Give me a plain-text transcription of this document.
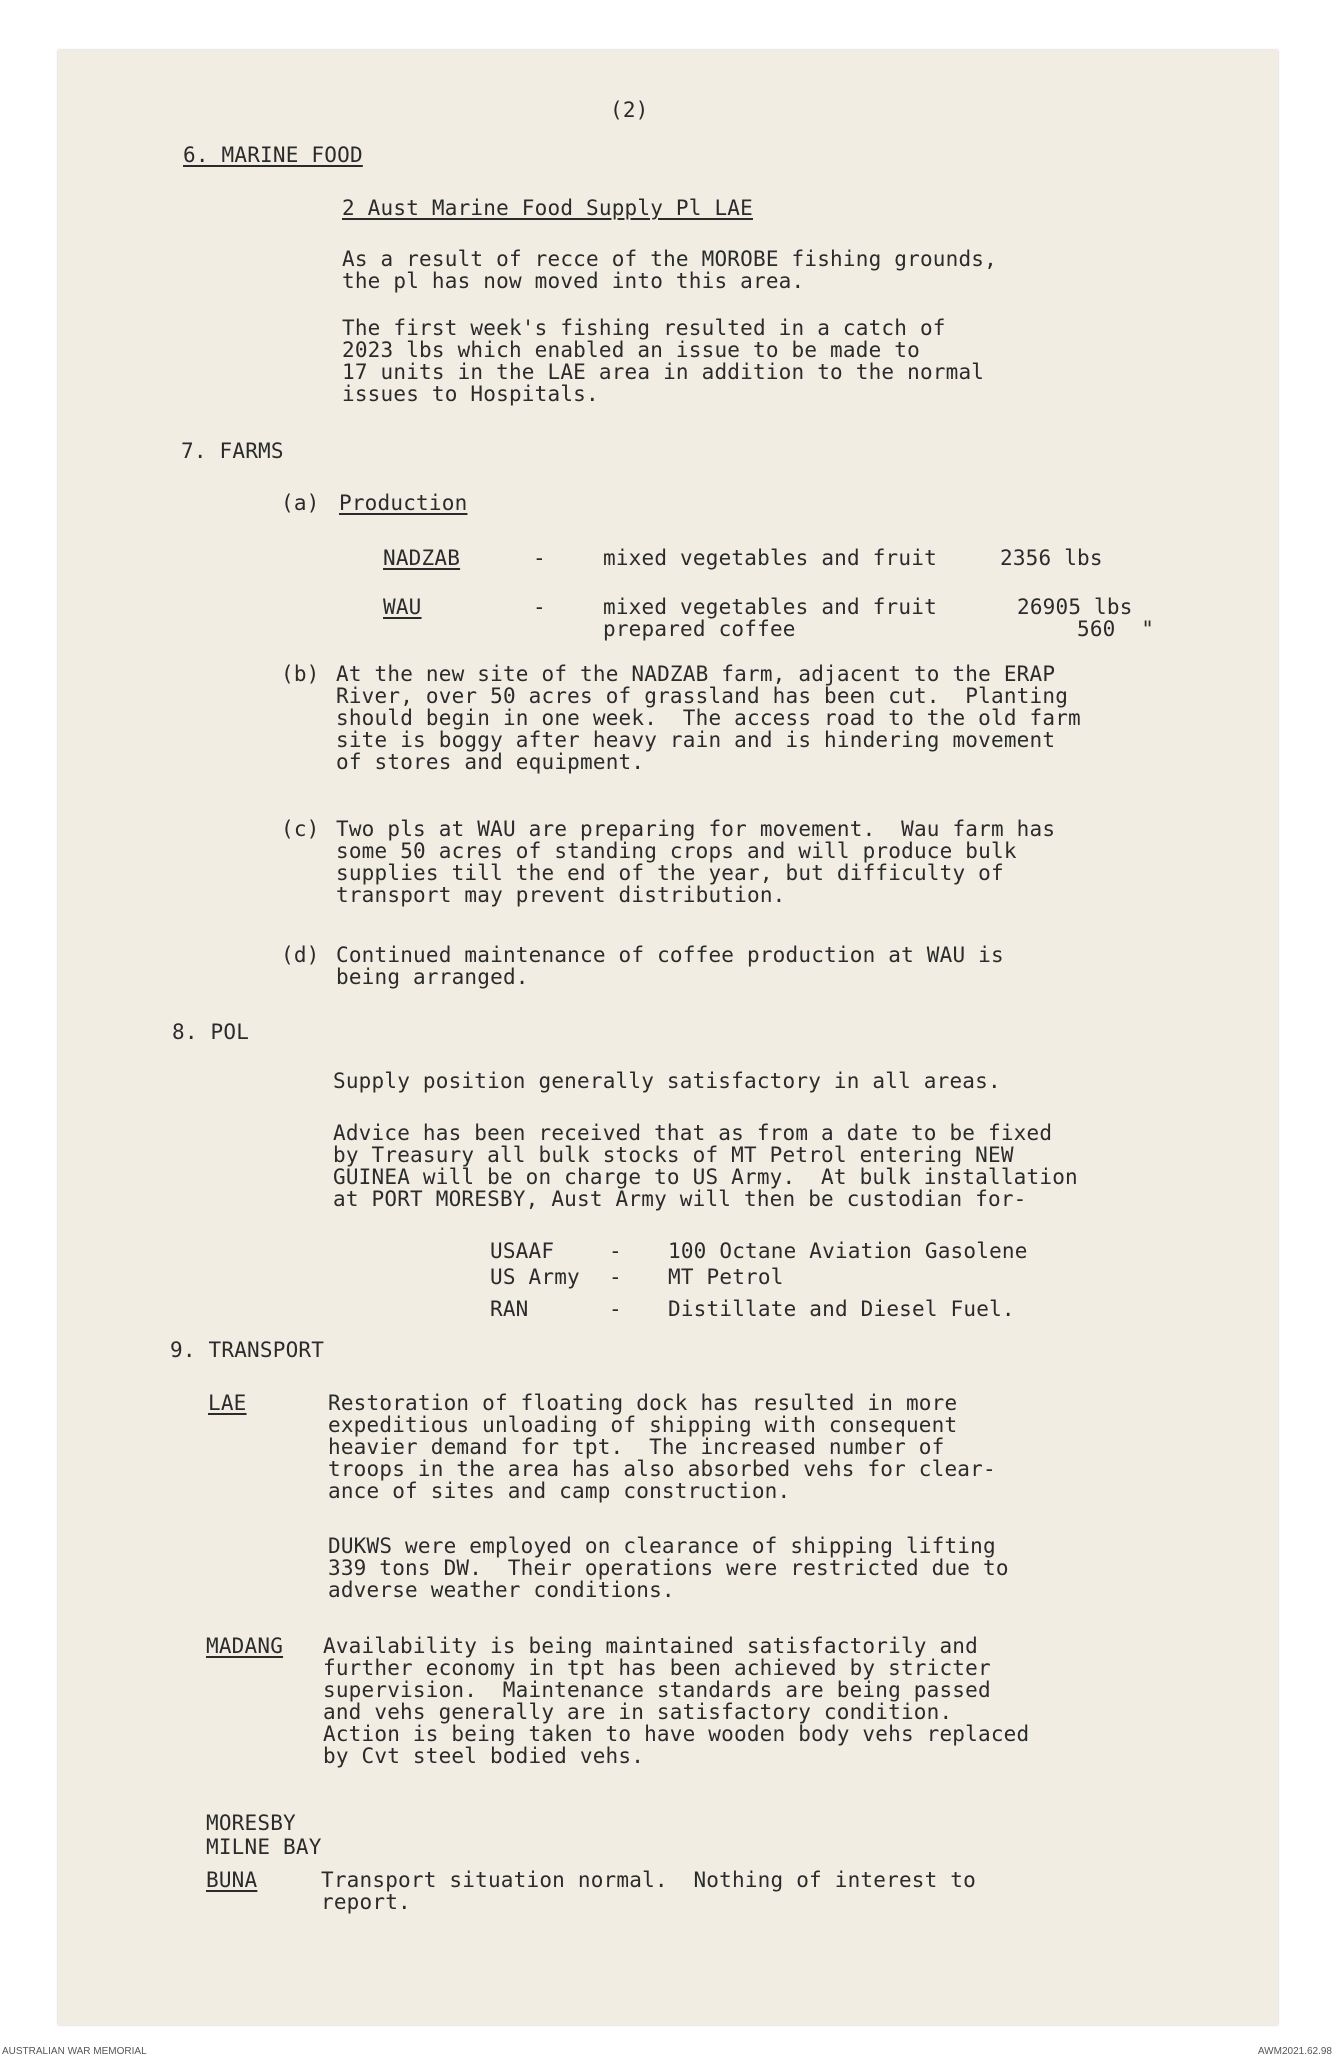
(2)
6. MARINE FOOD
2 Aust Marine Food Supply Pl LAE
As a result of recce of the MOROBE fishing grounds,
the pl has now moved into this area.
The first week's fishing resulted in a catch of
2023 lbs which enabled an issue to be made to
17 units in the LAE area in addition to the normal
issues to Hospitals.
7. FARMS
(a) Production
NADZAB	-	mixed vegetables and fruit	2356 lbs
WAU	-	mixed vegetables and fruit	26905 lbs
prepared coffee	560  "
(b) At the new site of the NADZAB farm, adjacent to the ERAP
River, over 50 acres of grassland has been cut.  Planting
should begin in one week.  The access road to the old farm
site is boggy after heavy rain and is hindering movement
of stores and equipment.
(c) Two pls at WAU are preparing for movement.  Wau farm has
some 50 acres of standing crops and will produce bulk
supplies till the end of the year, but difficulty of
transport may prevent distribution.
(d) Continued maintenance of coffee production at WAU is
being arranged.
8. POL
Supply position generally satisfactory in all areas.
Advice has been received that as from a date to be fixed
by Treasury all bulk stocks of MT Petrol entering NEW
GUINEA will be on charge to US Army.  At bulk installation
at PORT MORESBY, Aust Army will then be custodian for-
USAAF	- 100 Octane Aviation Gasolene
US Army - MT Petrol
RAN	- Distillate and Diesel Fuel.
9. TRANSPORT
LAE	Restoration of floating dock has resulted in more
expeditious unloading of shipping with consequent
heavier demand for tpt.  The increased number of
troops in the area has also absorbed vehs for clear-
ance of sites and camp construction.
DUKWS were employed on clearance of shipping lifting
339 tons DW.  Their operations were restricted due to
adverse weather conditions.
MADANG Availability is being maintained satisfactorily and
further economy in tpt has been achieved by stricter
supervision.  Maintenance standards are being passed
and vehs generally are in satisfactory condition.
Action is being taken to have wooden body vehs replaced
by Cvt steel bodied vehs.
MORESBY
MILNE BAY
BUNA	Transport situation normal.  Nothing of interest to
report.
AUSTRALIAN WAR MEMORIAL	AWM2021.62.98
